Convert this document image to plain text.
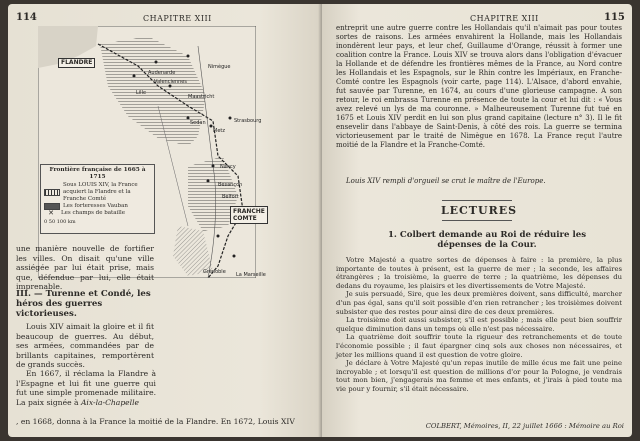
114	CHAPITRE XIII
FLANDRE
FRANCHE
COMTE
Audenarde
Valenciennes
Nimègue
Maastricht
Lille
Sedan
Metz
Nancy
Strasbourg
Besançon
Belfort
Grenoble La Marseille
Frontière française de 1665 à 1715
Sous LOUIS XIV, la France acquiert la Flandre et la Franche Comté
Les forteresses Vauban
✕	Les champs de bataille
0 50 100 km
une manière nouvelle de fortifier les villes. On disait qu'une ville assiégée par lui était prise, mais que, défendue par lui, elle était imprenable.
III. — Turenne et Condé, les héros des guerres victorieuses.
Louis XIV aimait la gloire et il fit beaucoup de guerres. Au début, ses armées, commandées par de brillants capitaines, remportèrent de grands succès.

En 1667, il réclama la Flandre à l'Espagne et lui fit une guerre qui fut une simple promenade militaire. La paix signée à Aix-la-Chapelle

, en 1668, donna à la France la moitié de la Flandre. En 1672, Louis XIV
CHAPITRE XIII	115
entreprit une autre guerre contre les Hollandais qu'il n'aimait pas pour toutes sortes de raisons. Les armées envahirent la Hollande, mais les Hollandais inondèrent leur pays, et leur chef, Guillaume d'Orange, réussit à former une coalition contre la France. Louis XIV se trouva alors dans l'obligation d'évacuer la Hollande et de défendre les frontières mêmes de la France, au Nord contre les Hollandais et les Espagnols, sur le Rhin contre les Impériaux, en Franche-Comté contre les Espagnols (voir carte, page 114). L'Alsace, d'abord envahie, fut sauvée par Turenne, en 1674, au cours d'une glorieuse campagne. A son retour, le roi embrassa Turenne en présence de toute la cour et lui dit : « Vous avez relevé un lys de ma couronne. » Malheureusement Turenne fut tué en 1675 et Louis XIV perdit en lui son plus grand capitaine (lecture n° 3). Il le fit ensevelir dans l'abbaye de Saint-Denis, à côté des rois. La guerre se termina victorieusement par le traité de Nimègue en 1678. La France reçut l'autre moitié de la Flandre et la Franche-Comté.
Louis XIV rempli d'orgueil se crut le maître de l'Europe.
LECTURES
1. Colbert demande au Roi de réduire les dépenses de la Cour.

Votre Majesté a quatre sortes de dépenses à faire : la première, la plus importante de toutes à présent, est la guerre de mer ; la seconde, les affaires étrangères ; la troisième, la guerre de terre ; la quatrième, les dépenses du dedans du royaume, les plaisirs et les divertissements de Votre Majesté.

Je suis persuadé, Sire, que les deux premières doivent, sans difficulté, marcher d'un pas égal, sans qu'il soit possible d'en rien retrancher ; les troisièmes doivent subsister que des restes pour ainsi dire de ces deux premières.

La troisième doit aussi subsister, s'il est possible ; mais elle peut bien souffrir quelque diminution dans un temps où elle n'est pas nécessaire.

La quatrième doit souffrir toute la rigueur des retranchements et de toute l'économie possible ; il faut épargner cinq sols aux choses non nécessaires, et jeter les millions quand il est question de votre gloire.

Je déclare à Votre Majesté qu'un repas inutile de mille écus me fait une peine incroyable ; et lorsqu'il est question de millions d'or pour la Pologne, je vendrais tout mon bien, j'engagerais ma femme et mes enfants, et j'irais à pied toute ma vie pour y fournir, s'il était nécessaire.

COLBERT, Mémoires, II, 22 juillet 1666 : Mémoire au Roi
